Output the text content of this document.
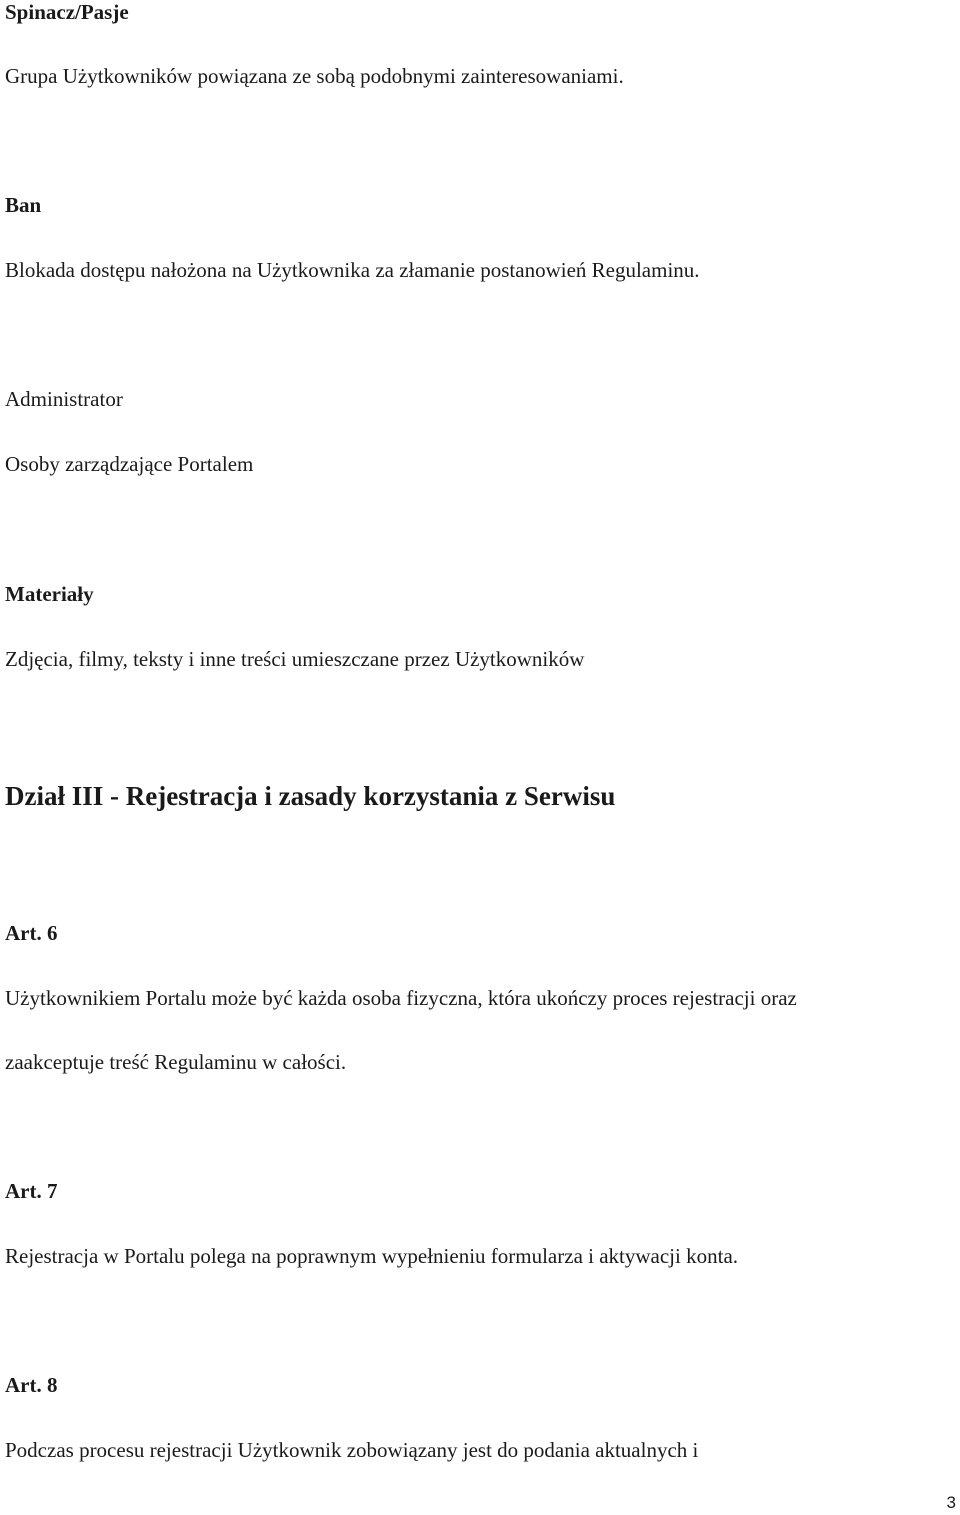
Spinacz/Pasje

Grupa Użytkowników powiązana ze sobą podobnymi zainteresowaniami.

Ban

Blokada dostępu nałożona na Użytkownika za złamanie postanowień Regulaminu.

Administrator

Osoby zarządzające Portalem

Materiały

Zdjęcia, filmy, teksty i inne treści umieszczane przez Użytkowników

Dział III - Rejestracja i zasady korzystania z Serwisu

Art. 6

Użytkownikiem Portalu może być każda osoba fizyczna, która ukończy proces rejestracji oraz

zaakceptuje treść Regulaminu w całości.

Art. 7

Rejestracja w Portalu polega na poprawnym wypełnieniu formularza i aktywacji konta.

Art. 8

Podczas procesu rejestracji Użytkownik zobowiązany jest do podania aktualnych i

3
